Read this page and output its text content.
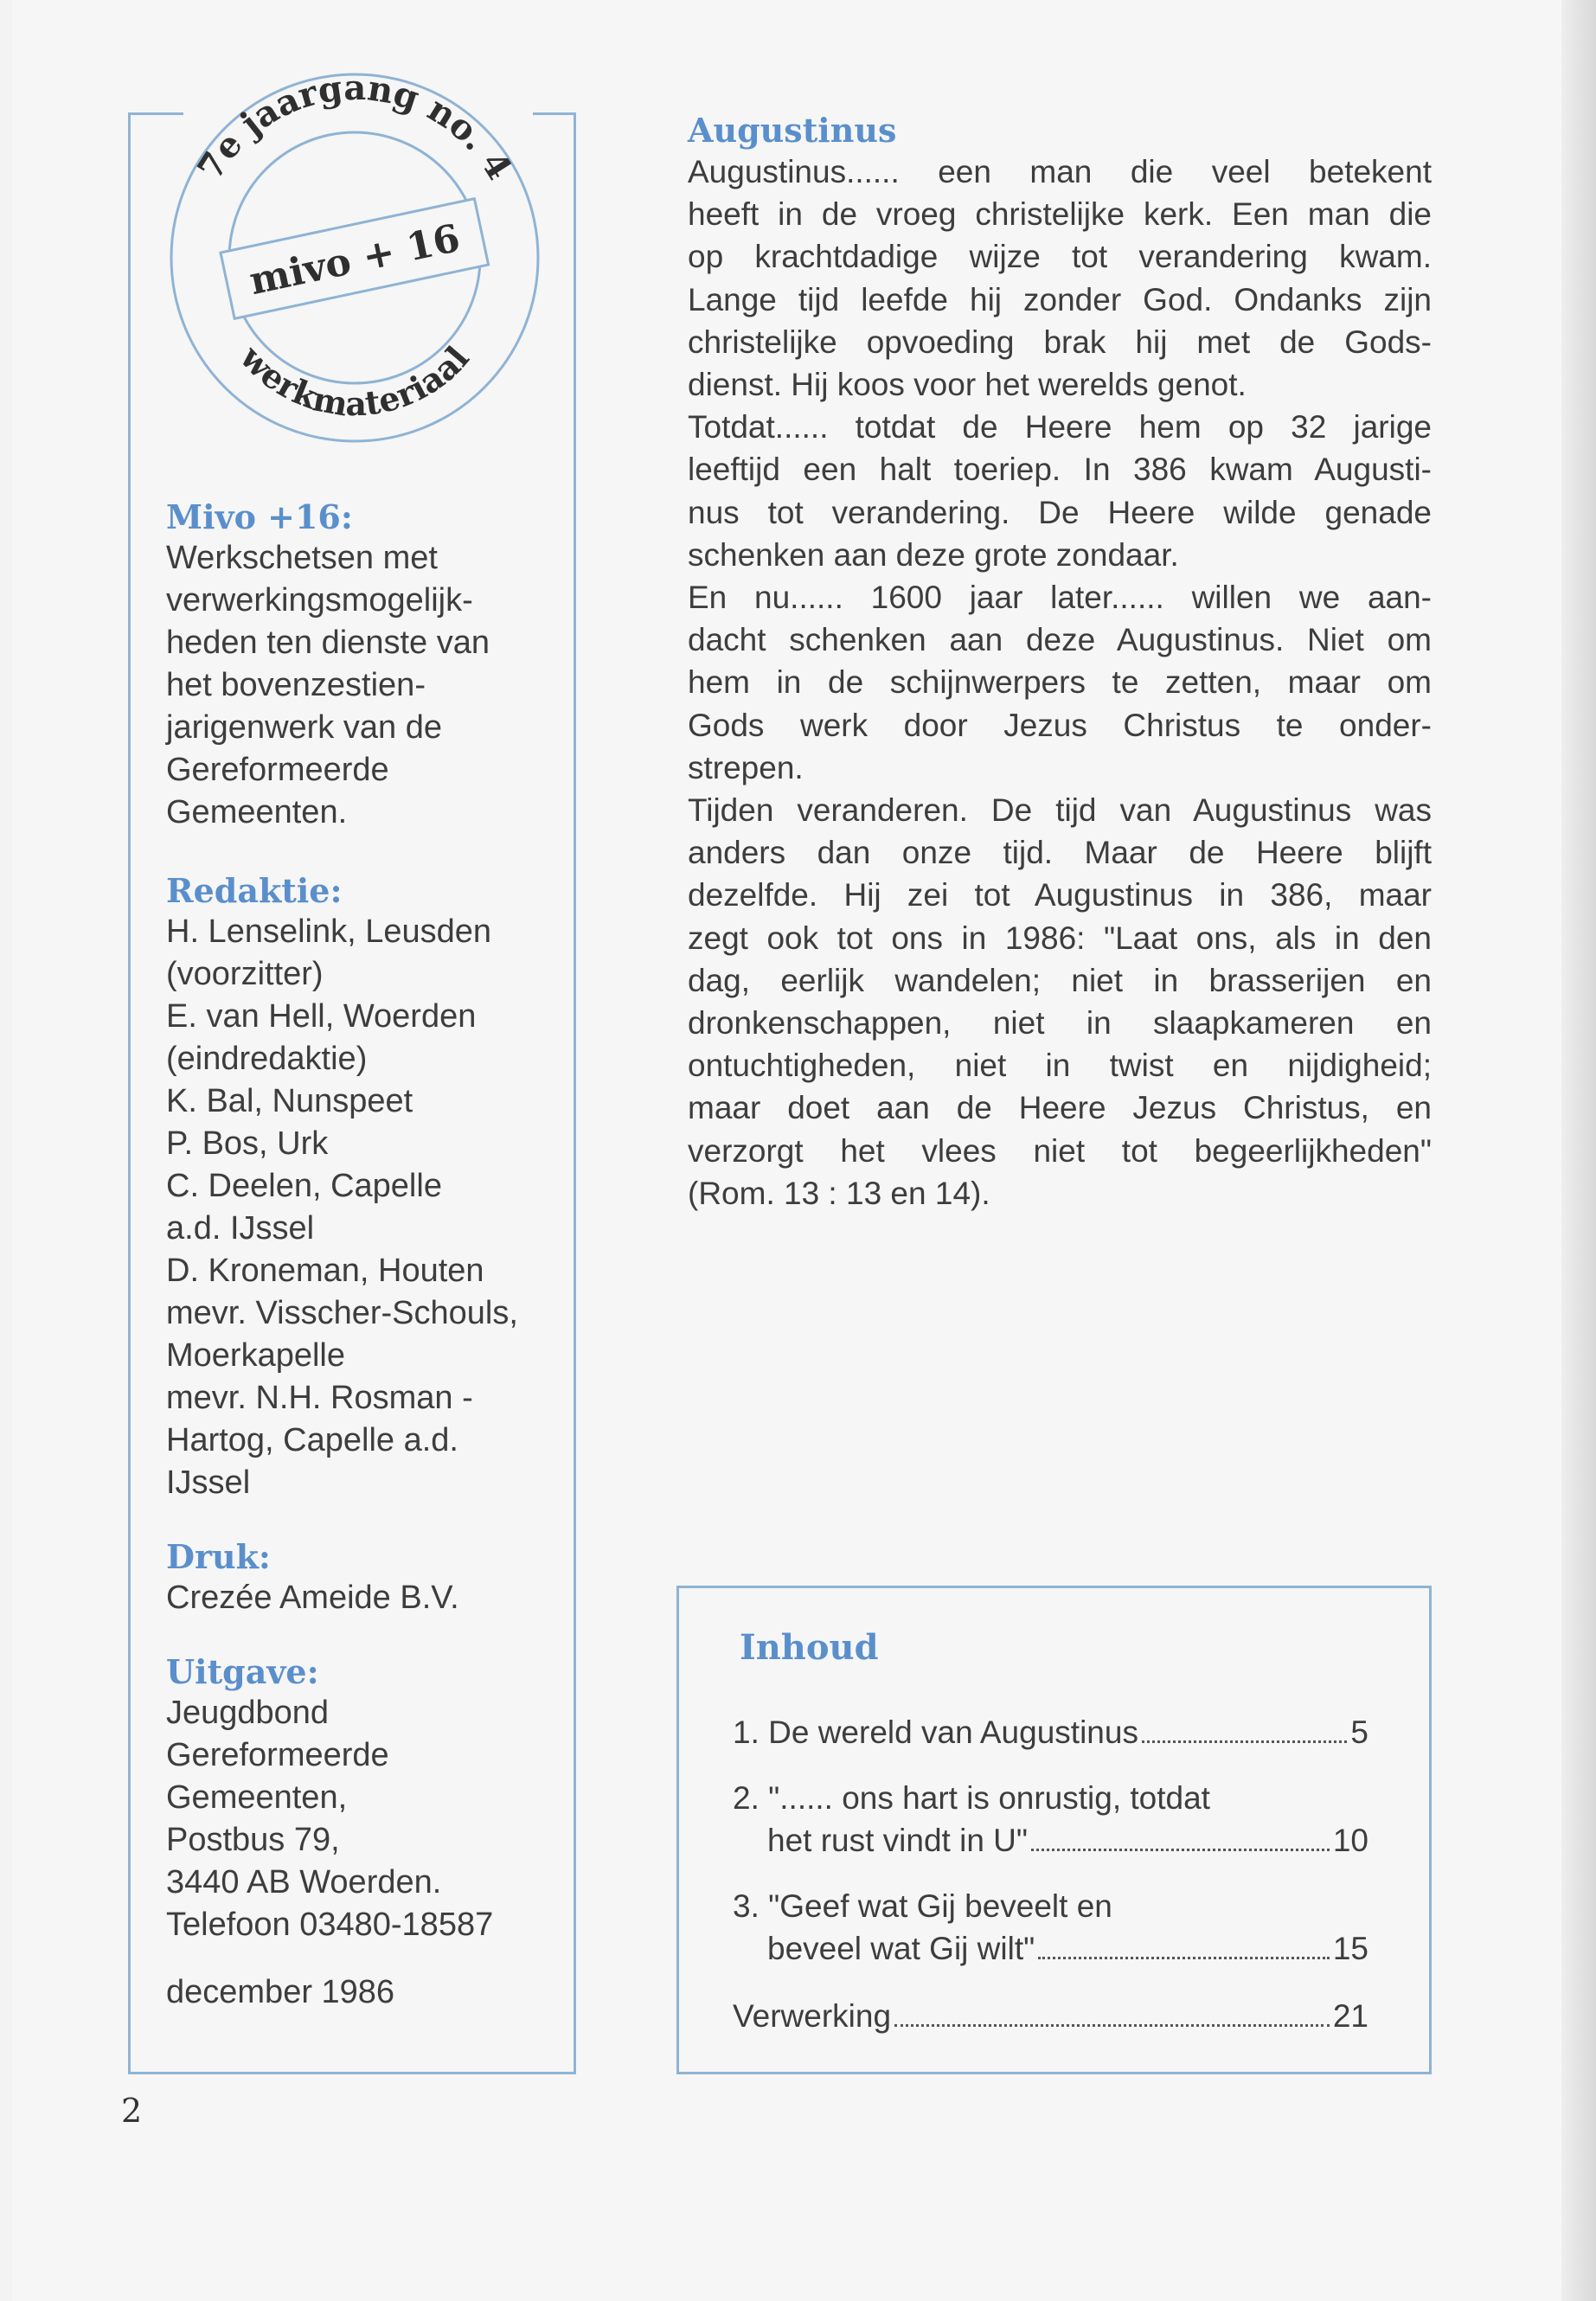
7e jaargang no. 4
mivo + 16
werkmateriaal
Mivo +16:
Werkschetsen met
verwerkingsmogelijk-
heden ten dienste van
het bovenzestien-
jarigenwerk van de
Gereformeerde
Gemeenten.
Redaktie:
H. Lenselink, Leusden
(voorzitter)
E. van Hell, Woerden
(eindredaktie)
K. Bal, Nunspeet
P. Bos, Urk
C. Deelen, Capelle
a.d. IJssel
D. Kroneman, Houten
mevr. Visscher-Schouls,
Moerkapelle
mevr. N.H. Rosman -
Hartog, Capelle a.d.
IJssel
Druk:
Crezée Ameide B.V.
Uitgave:
Jeugdbond
Gereformeerde
Gemeenten,
Postbus 79,
3440 AB Woerden.
Telefoon 03480-18587
december 1986
Augustinus
Augustinus...... een man die veel betekent
heeft in de vroeg christelijke kerk. Een man die
op krachtdadige wijze tot verandering kwam.
Lange tijd leefde hij zonder God. Ondanks zijn
christelijke opvoeding brak hij met de Gods-
dienst. Hij koos voor het werelds genot.
Totdat...... totdat de Heere hem op 32 jarige
leeftijd een halt toeriep. In 386 kwam Augusti-
nus tot verandering. De Heere wilde genade
schenken aan deze grote zondaar.
En nu...... 1600 jaar later...... willen we aan-
dacht schenken aan deze Augustinus. Niet om
hem in de schijnwerpers te zetten, maar om
Gods werk door Jezus Christus te onder-
strepen.
Tijden veranderen. De tijd van Augustinus was
anders dan onze tijd. Maar de Heere blijft
dezelfde. Hij zei tot Augustinus in 386, maar
zegt ook tot ons in 1986: "Laat ons, als in den
dag, eerlijk wandelen; niet in brasserijen en
dronkenschappen, niet in slaapkameren en
ontuchtigheden, niet in twist en nijdigheid;
maar doet aan de Heere Jezus Christus, en
verzorgt het vlees niet tot begeerlijkheden"
(Rom. 13 : 13 en 14).
Inhoud
1. De wereld van Augustinus	5
2. "...... ons hart is onrustig, totdat
het rust vindt in U"	10
3. "Geef wat Gij beveelt en
beveel wat Gij wilt"	15
Verwerking	21
2
